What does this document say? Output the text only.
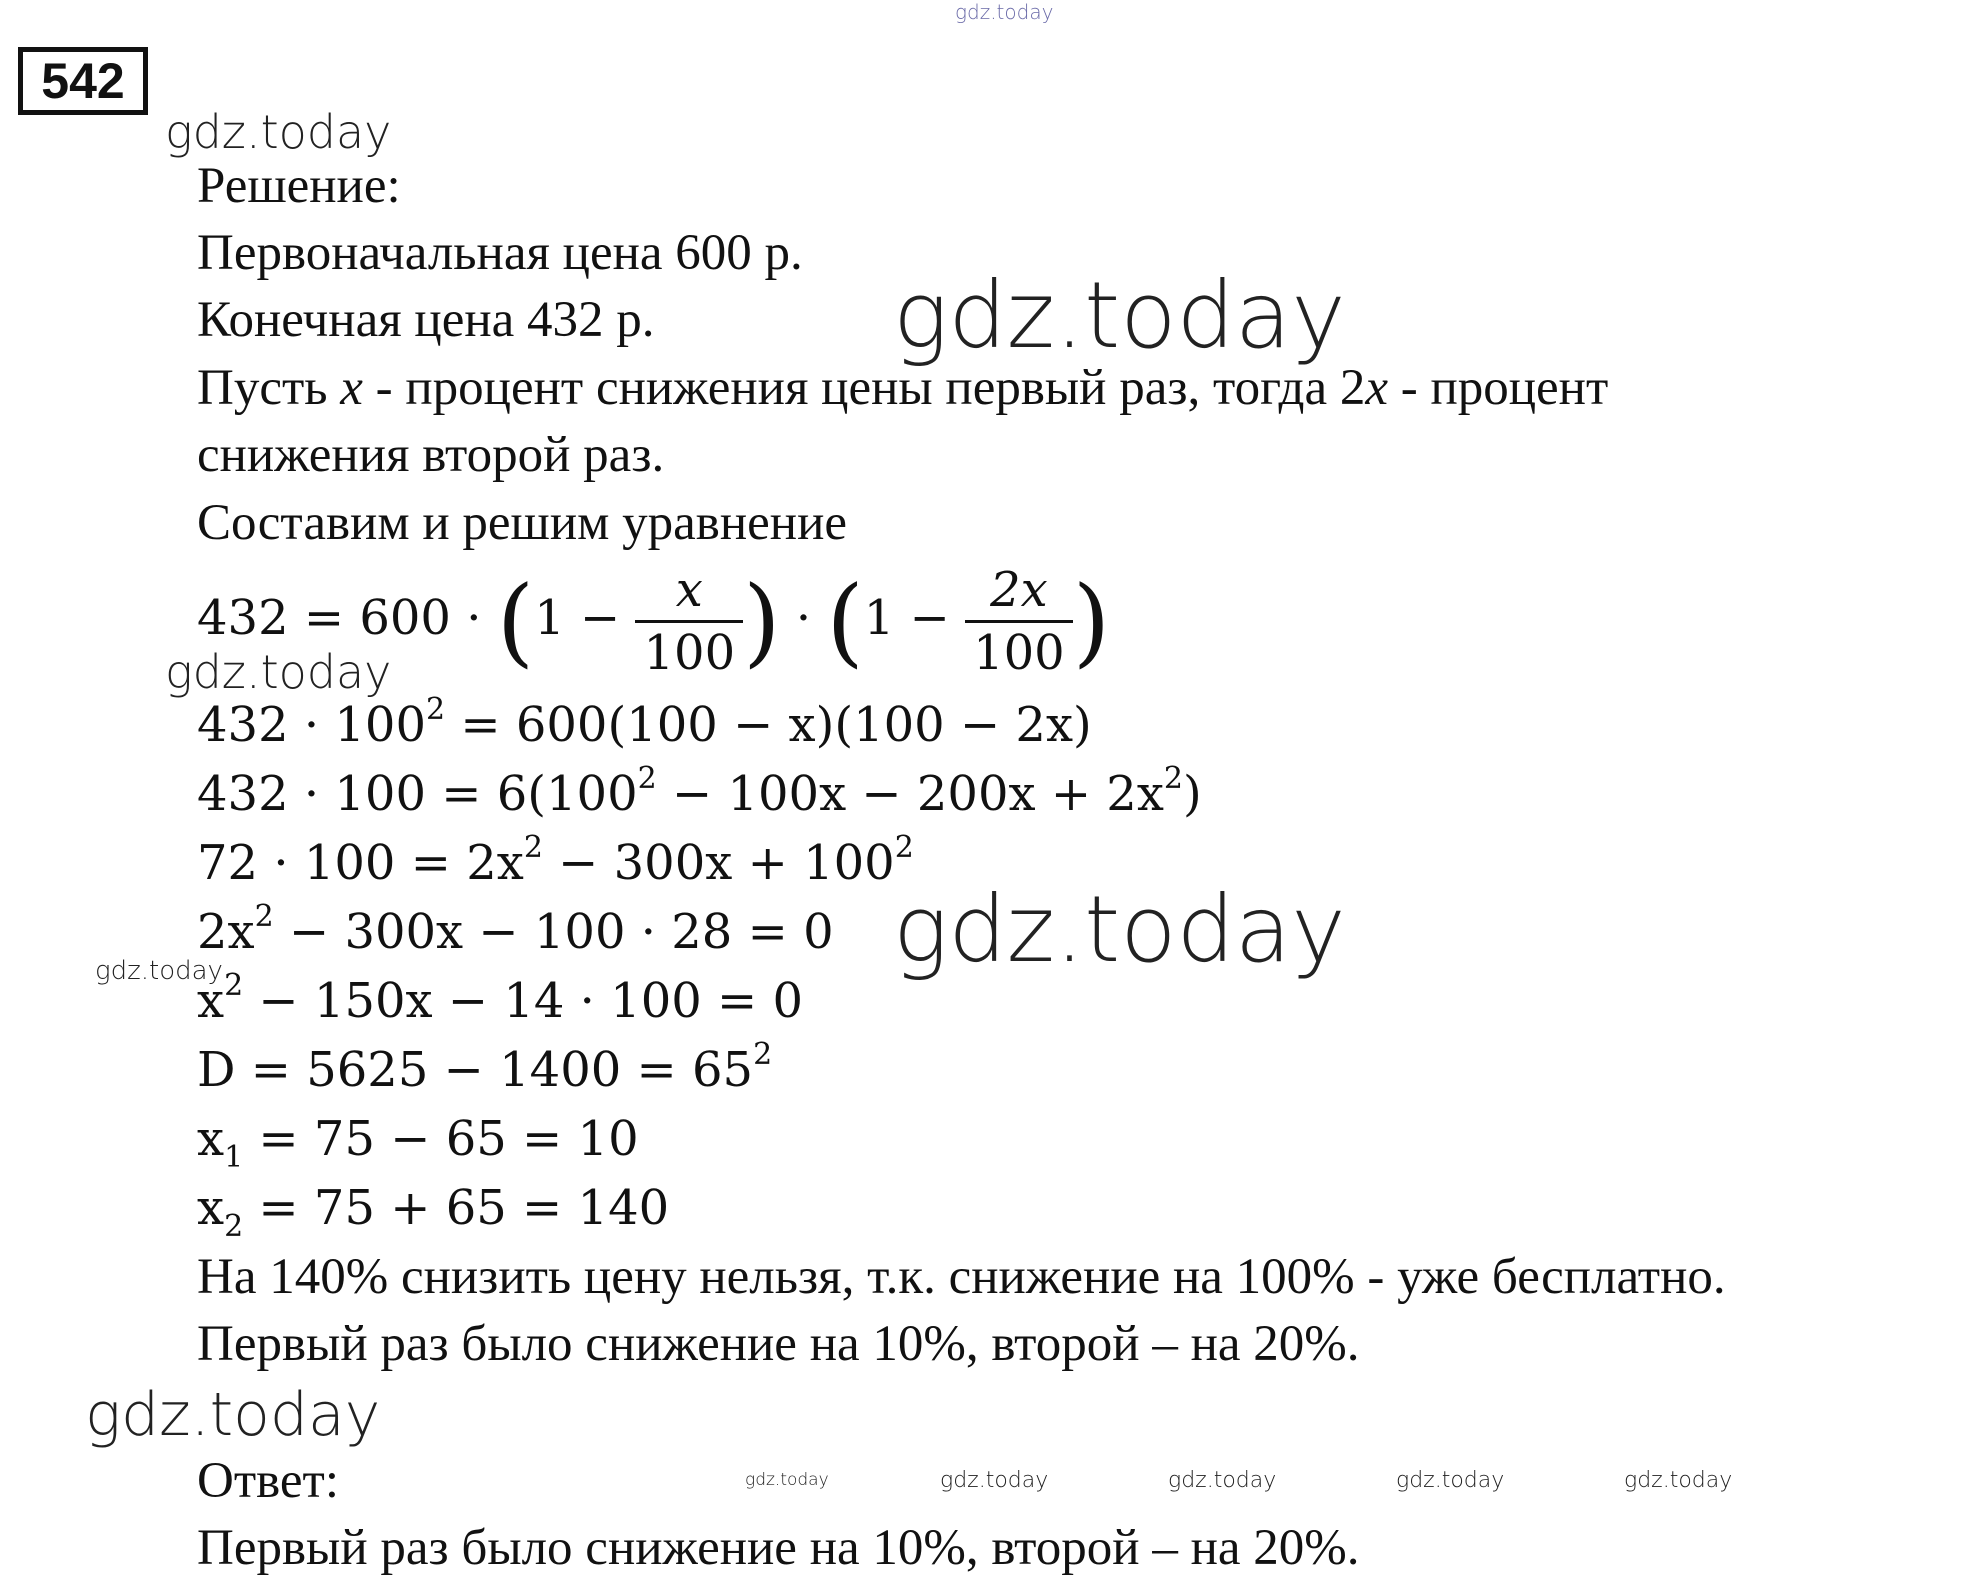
542
Решение:
Первоначальная цена 600 р.
Конечная цена 432 р.
Пусть x - процент снижения цены первый раз, тогда 2x - процент
снижения второй раз.
Составим и решим уравнение
$432 = 600 \cdot (1 - \frac{x}{100}$ ) · ($1 - \frac{2x}{100}$ )
$432 \cdot 100^2 = 600(100 - x)(100 - 2x)$
$432 \cdot 100 = 6(100^2 - 100x - 200x + 2x^2)$
$72 \cdot 100 = 2x^2 - 300x + 100^2$
$2x^2 - 300x - 100 \cdot 28 = 0$
$x^2 - 150x - 14 \cdot 100 = 0$
$D = 5625 - 1400 = 65^2$
$x_1 = 75 - 65 = 10$
$x_2 = 75 + 65 = 140$
На 140% снизить цену нельзя, т.к. снижение на 100% - уже бесплатно.
Первый раз было снижение на 10%, второй – на 20%.
Ответ:
Первый раз было снижение на 10%, второй – на 20%.
gdz.today
gdz.today
gdz.today
gdz.today
gdz.today
gdz.today
gdz.today
gdz.today	gdz.today	gdz.today	gdz.today	gdz.today
